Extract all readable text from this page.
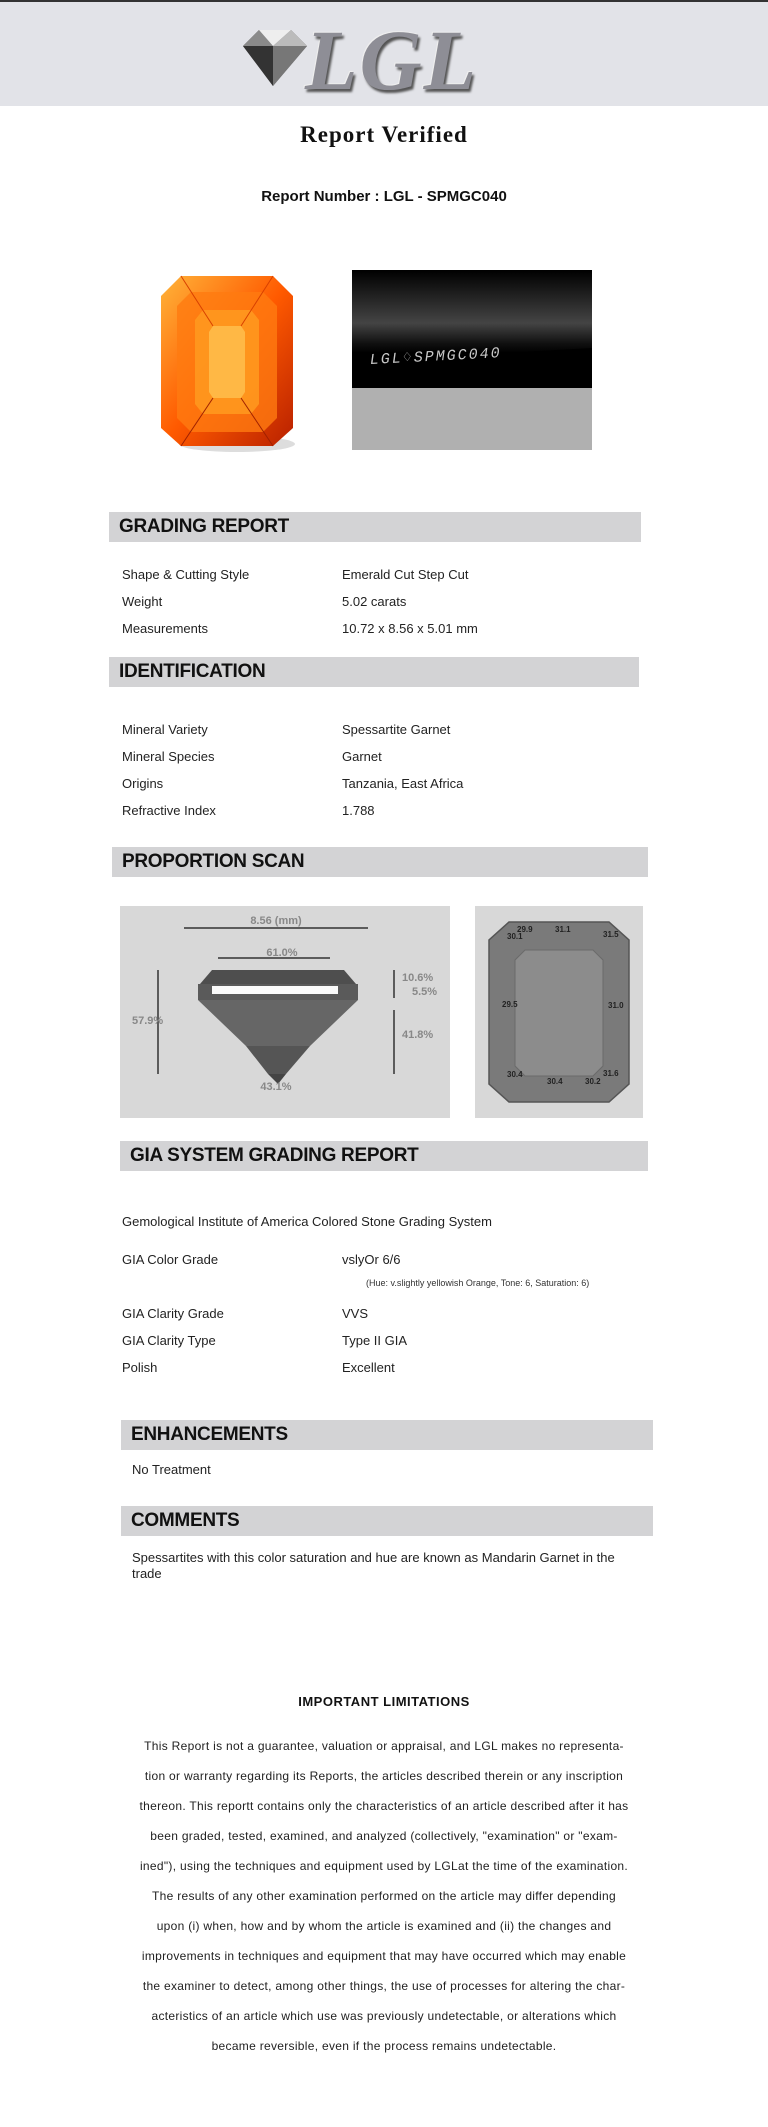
LGL
Report Verified
Report Number : LGL - SPMGC040
LGL♢SPMGC040
GRADING REPORT
Shape & Cutting Style	Emerald Cut Step Cut
Weight	5.02 carats
Measurements	10.72 x 8.56 x 5.01 mm
IDENTIFICATION
Mineral Variety	Spessartite Garnet
Mineral Species	Garnet
Origins	Tanzania, East Africa
Refractive Index	1.788
PROPORTION SCAN
8.56 (mm)
61.0%
57.9%
10.6%
5.5%
41.8%
43.1%
29.9	31.1
31.5
30.1
29.5	31.0
30.4
30.4	30.2
31.6
GIA SYSTEM GRADING REPORT
Gemological Institute of America Colored Stone Grading System
GIA Color Grade	vslyOr 6/6
(Hue: v.slightly yellowish Orange, Tone: 6, Saturation: 6)
GIA Clarity Grade	VVS
GIA Clarity Type	Type II GIA
Polish	Excellent
ENHANCEMENTS
No Treatment
COMMENTS
Spessartites with this color saturation and hue are known as Mandarin Garnet in the
trade
IMPORTANT LIMITATIONS
This Report is not a guarantee, valuation or appraisal, and LGL makes no representa-
tion or warranty regarding its Reports, the articles described therein or any inscription
thereon. This reportt contains only the characteristics of an article described after it has
been graded, tested, examined, and analyzed (collectively, "examination" or "exam-
ined"), using the techniques and equipment used by LGLat the time of the examination.
The results of any other examination performed on the article may differ depending
upon (i) when, how and by whom the article is examined and (ii) the changes and
improvements in techniques and equipment that may have occurred which may enable
the examiner to detect, among other things, the use of processes for altering the char-
acteristics of an article which use was previously undetectable, or alterations which
became reversible, even if the process remains undetectable.
